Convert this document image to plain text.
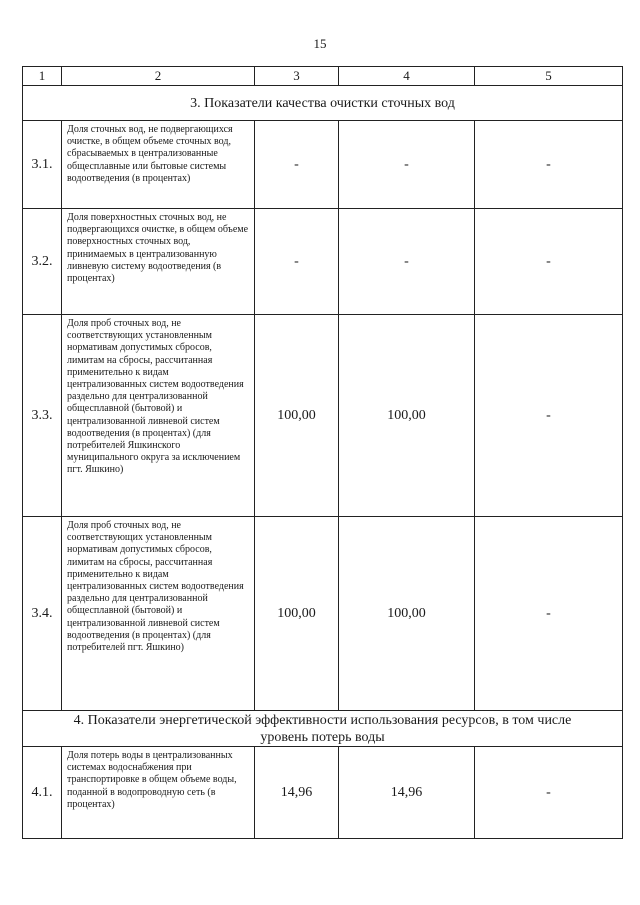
15
1	2	3	4	5
3. Показатели качества очистки сточных вод				
3.1.	Доля сточных вод, не подвергающихся очистке, в общем объеме сточных вод, сбрасываемых в централизованные общесплавные или бытовые системы водоотведения (в процентах)	-	-	-
3.2.	Доля поверхностных сточных вод, не подвергающихся очистке, в общем объеме поверхностных сточных вод, принимаемых в централизованную ливневую систему водоотведения (в процентах)	-	-	-
3.3.	Доля проб сточных вод, не соответствующих установленным нормативам допустимых сбросов, лимитам на сбросы, рассчитанная применительно к видам централизованных систем водоотведения раздельно для централизованной общесплавной (бытовой) и централизованной ливневой систем водоотведения (в процентах) (для потребителей Яшкинского муниципального округа за исключением пгт. Яшкино)	100,00	100,00	-
3.4.	Доля проб сточных вод, не соответствующих установленным нормативам допустимых сбросов, лимитам на сбросы, рассчитанная применительно к видам централизованных систем водоотведения раздельно для централизованной общесплавной (бытовой) и централизованной ливневой систем водоотведения (в процентах) (для потребителей пгт. Яшкино)	100,00	100,00	-
4. Показатели энергетической эффективности использования ресурсов, в том числе уровень потерь воды				
4.1.	Доля потерь воды в централизованных системах водоснабжения при транспортировке в общем объеме воды, поданной в водопроводную сеть (в процентах)	14,96	14,96	-
